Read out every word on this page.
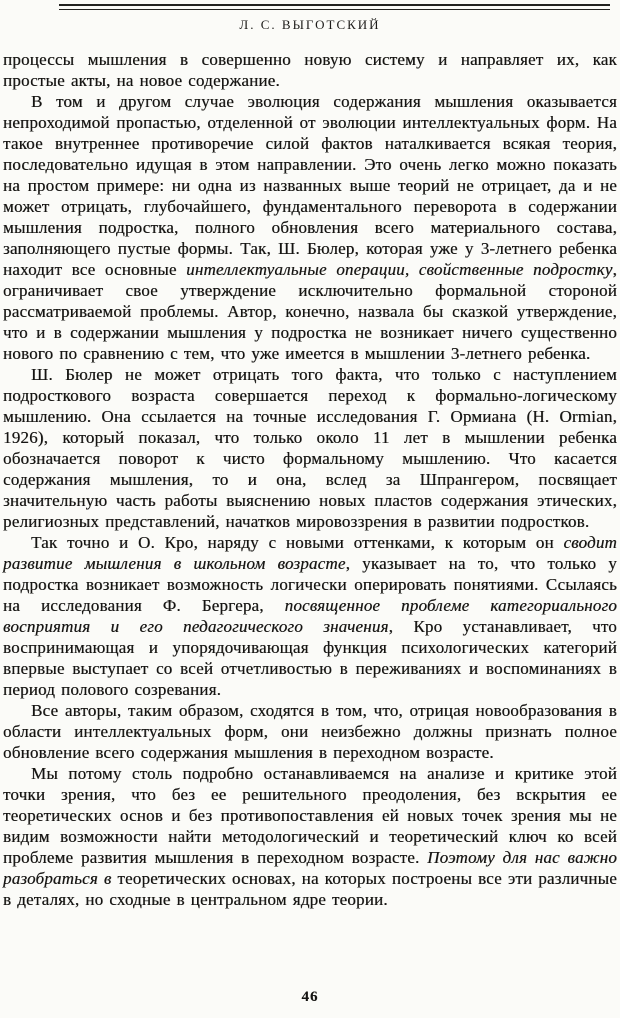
Л. С. ВЫГОТСКИЙ

процессы мышления в совершенно новую систему и направляет их, как простые акты, на новое содержание.

В том и другом случае эволюция содержания мышления оказывается непроходимой пропастью, отделенной от эволюции интеллектуальных форм. На такое внутреннее противоречие силой фактов наталкивается всякая теория, последовательно идущая в этом направлении. Это очень легко можно показать на простом примере: ни одна из названных выше теорий не отрицает, да и не может отрицать, глубочайшего, фундаментального переворота в содержании мышления подростка, полного обновления всего материального состава, заполняющего пустые формы. Так, Ш. Бюлер, которая уже у 3-летнего ребенка находит все основные интеллектуальные операции, свойственные подростку, ограничивает свое утверждение исключительно формальной стороной рассматриваемой проблемы. Автор, конечно, назвала бы сказкой утверждение, что и в содержании мышления у подростка не возникает ничего существенно нового по сравнению с тем, что уже имеется в мышлении 3-летнего ребенка.

Ш. Бюлер не может отрицать того факта, что только с наступлением подросткового возраста совершается переход к формально-логическому мышлению. Она ссылается на точные исследования Г. Ормиана (H. Ormian, 1926), который показал, что только около 11 лет в мышлении ребенка обозначается поворот к чисто формальному мышлению. Что касается содержания мышления, то и она, вслед за Шпрангером, посвящает значительную часть работы выяснению новых пластов содержания этических, религиозных представлений, начатков мировоззрения в развитии подростков.

Так точно и О. Кро, наряду с новыми оттенками, к которым он сводит развитие мышления в школьном возрасте, указывает на то, что только у подростка возникает возможность логически оперировать понятиями. Ссылаясь на исследования Ф. Бергера, посвященное проблеме категориального восприятия и его педагогического значения, Кро устанавливает, что воспринимающая и упорядочивающая функция психологических категорий впервые выступает со всей отчетливостью в переживаниях и воспоминаниях в период полового созревания.

Все авторы, таким образом, сходятся в том, что, отрицая новообразования в области интеллектуальных форм, они неизбежно должны признать полное обновление всего содержания мышления в переходном возрасте.

Мы потому столь подробно останавливаемся на анализе и критике этой точки зрения, что без ее решительного преодоления, без вскрытия ее теоретических основ и без противопоставления ей новых точек зрения мы не видим возможности найти методологический и теоретический ключ ко всей проблеме развития мышления в переходном возрасте. Поэтому для нас важно разобраться в теоретических основах, на которых построены все эти различные в деталях, но сходные в центральном ядре теории.

46
